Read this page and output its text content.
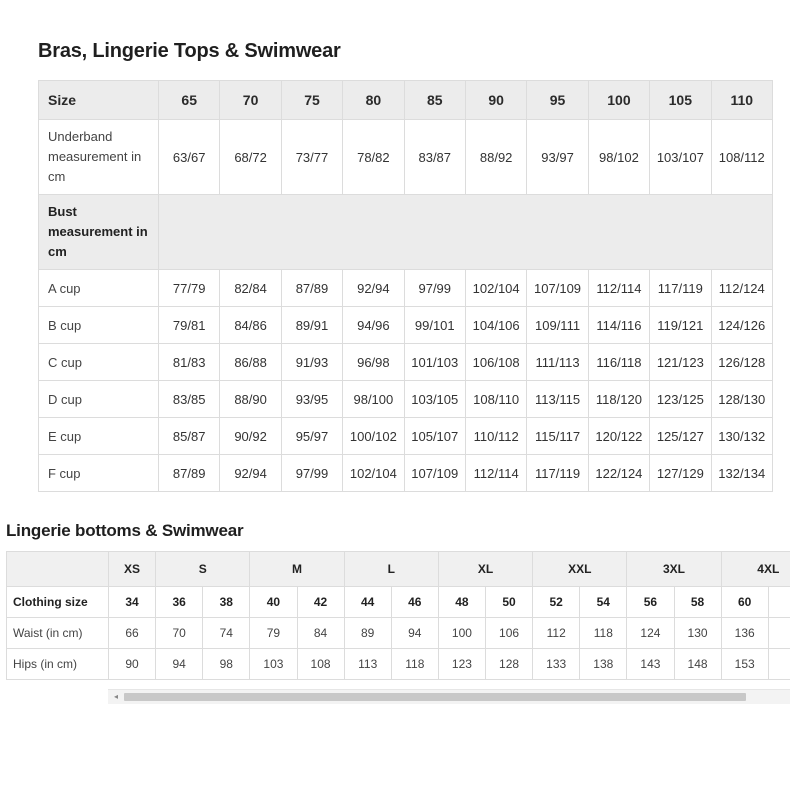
Bras, Lingerie Tops & Swimwear
Size	65	70	75	80	85	90	95	100	105	110
Underband measurement in cm	63/67	68/72	73/77	78/82	83/87	88/92	93/97	98/102	103/107	108/112
Bust measurement in cm										
A cup	77/79	82/84	87/89	92/94	97/99	102/104	107/109	112/114	117/119	112/124
B cup	79/81	84/86	89/91	94/96	99/101	104/106	109/111	114/116	119/121	124/126
C cup	81/83	86/88	91/93	96/98	101/103	106/108	111/113	116/118	121/123	126/128
D cup	83/85	88/90	93/95	98/100	103/105	108/110	113/115	118/120	123/125	128/130
E cup	85/87	90/92	95/97	100/102	105/107	110/112	115/117	120/122	125/127	130/132
F cup	87/89	92/94	97/99	102/104	107/109	112/114	117/119	122/124	127/129	132/134
Lingerie bottoms & Swimwear
	XS	S		M		L		XL		XXL		3XL		4XL	
Clothing size	34	36	38	40	42	44	46	48	50	52	54	56	58	60	
Waist (in cm)	66	70	74	79	84	89	94	100	106	112	118	124	130	136	
Hips (in cm)	90	94	98	103	108	113	118	123	128	133	138	143	148	153	
◂
